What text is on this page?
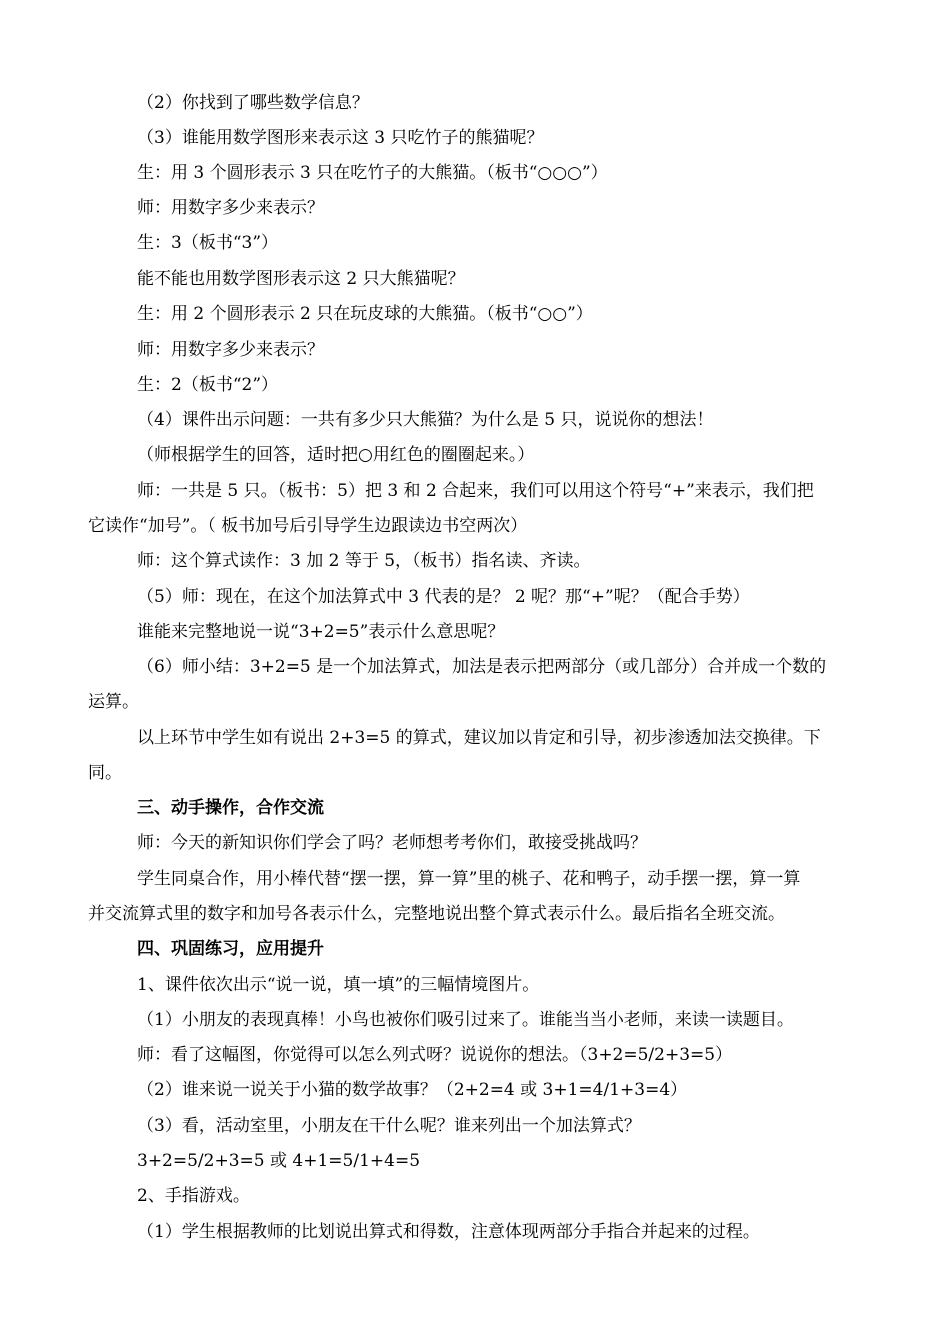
（2）你找到了哪些数学信息？
（3）谁能用数学图形来表示这 3 只吃竹子的熊猫呢？
生：用 3 个圆形表示 3 只在吃竹子的大熊猫。（板书“○○○”）
师：用数字多少来表示？
生：3（板书“3”）
能不能也用数学图形表示这 2 只大熊猫呢？
生：用 2 个圆形表示 2 只在玩皮球的大熊猫。（板书“○○”）
师：用数字多少来表示？
生：2（板书“2”）
（4）课件出示问题：一共有多少只大熊猫？为什么是 5 只，说说你的想法！
（师根据学生的回答，适时把○用红色的圈圈起来。）
师：一共是 5 只。（板书：5）把 3 和 2 合起来，我们可以用这个符号“+”来表示，我们把
它读作“加号”。（ 板书加号后引导学生边跟读边书空两次）
师：这个算式读作：3 加 2 等于 5，（板书）指名读、齐读。
（5）师：现在，在这个加法算式中 3 代表的是？ 2 呢？那“+”呢？（配合手势）
谁能来完整地说一说“3+2=5”表示什么意思呢？
（6）师小结：3+2=5 是一个加法算式，加法是表示把两部分（或几部分）合并成一个数的
运算。
以上环节中学生如有说出 2+3=5 的算式，建议加以肯定和引导，初步渗透加法交换律。下
同。
三、动手操作，合作交流
师：今天的新知识你们学会了吗？老师想考考你们，敢接受挑战吗？
学生同桌合作，用小棒代替“摆一摆，算一算”里的桃子、花和鸭子，动手摆一摆，算一算
并交流算式里的数字和加号各表示什么，完整地说出整个算式表示什么。最后指名全班交流。
四、巩固练习，应用提升
1、课件依次出示“说一说，填一填”的三幅情境图片。
（1）小朋友的表现真棒！小鸟也被你们吸引过来了。谁能当当小老师，来读一读题目。
师：看了这幅图，你觉得可以怎么列式呀？说说你的想法。（3+2=5/2+3=5）
（2）谁来说一说关于小猫的数学故事？（2+2=4 或 3+1=4/1+3=4）
（3）看，活动室里，小朋友在干什么呢？谁来列出一个加法算式？
3+2=5/2+3=5 或 4+1=5/1+4=5
2、手指游戏。
（1）学生根据教师的比划说出算式和得数，注意体现两部分手指合并起来的过程。
